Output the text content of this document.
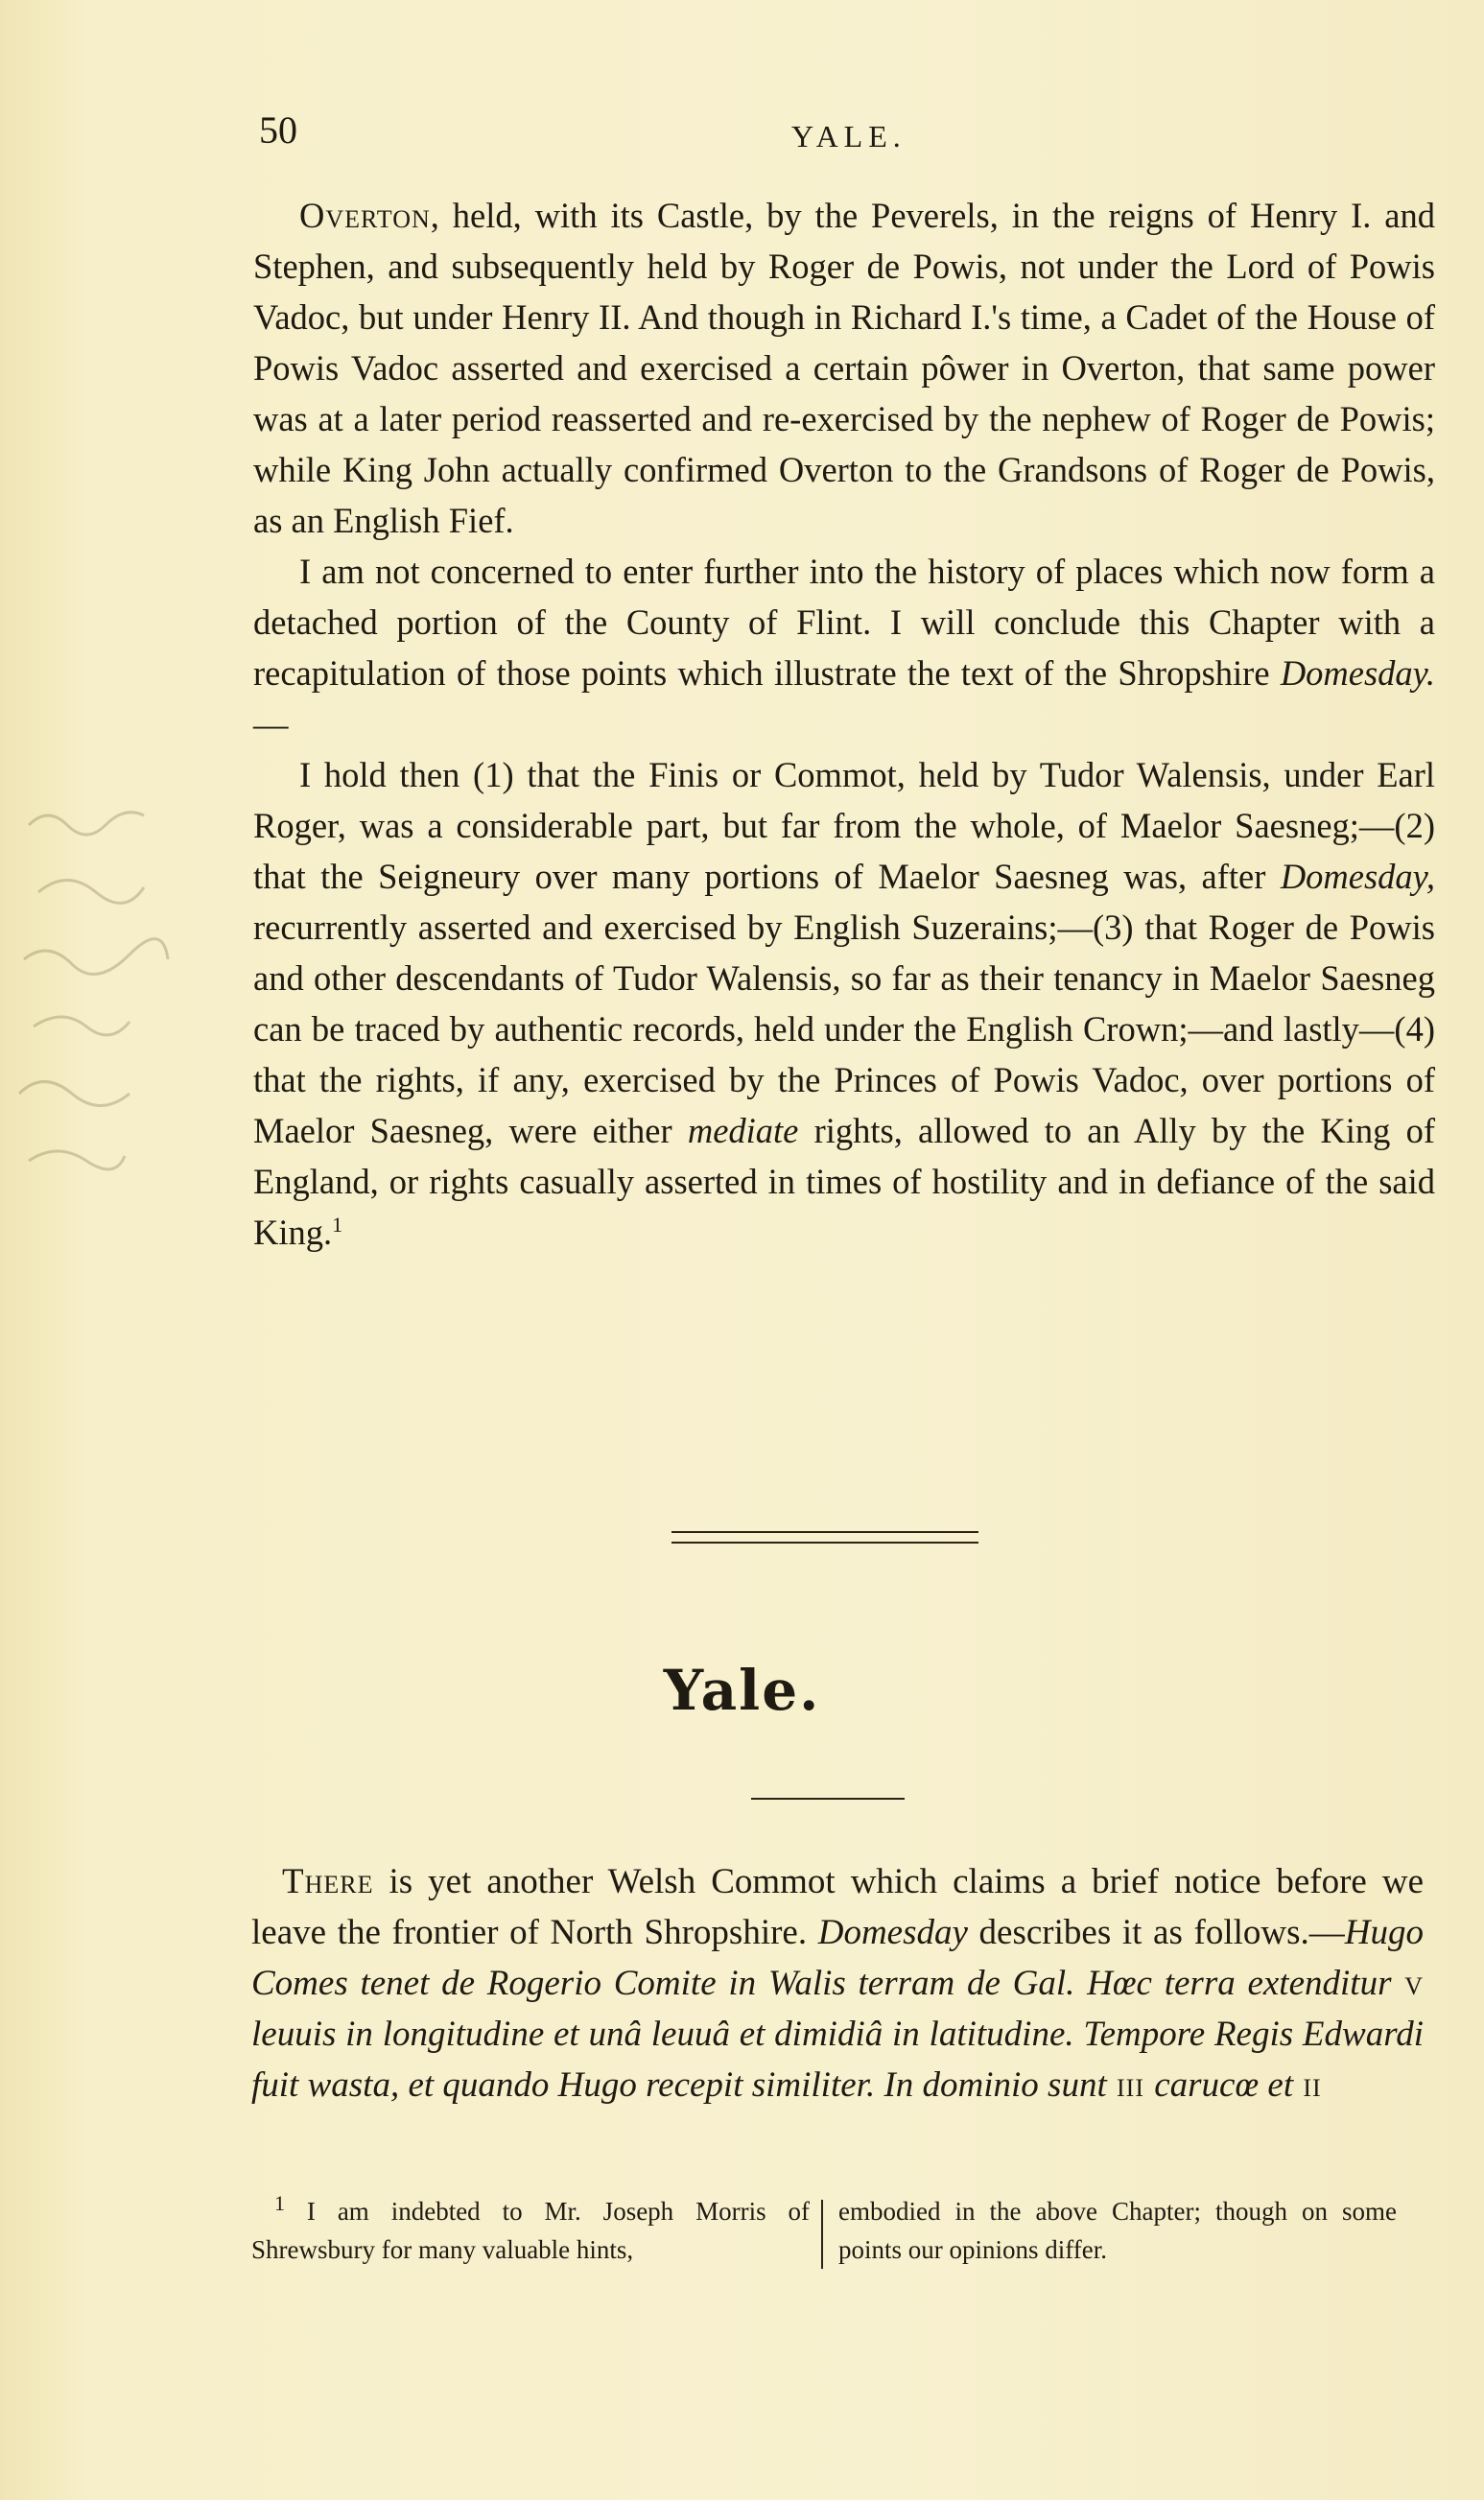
50	YALE.

Overton, held, with its Castle, by the Peverels, in the reigns of Henry I. and Stephen, and subsequently held by Roger de Powis, not under the Lord of Powis Vadoc, but under Henry II. And though in Richard I.'s time, a Cadet of the House of Powis Vadoc asserted and exercised a certain pôwer in Overton, that same power was at a later period reasserted and re-exercised by the nephew of Roger de Powis; while King John actually confirmed Overton to the Grandsons of Roger de Powis, as an English Fief.

I am not concerned to enter further into the history of places which now form a detached portion of the County of Flint. I will conclude this Chapter with a recapitulation of those points which illustrate the text of the Shropshire Domesday.—

I hold then (1) that the Finis or Commot, held by Tudor Walensis, under Earl Roger, was a considerable part, but far from the whole, of Maelor Saesneg;—(2) that the Seigneury over many portions of Maelor Saesneg was, after Domesday, recurrently asserted and exercised by English Suzerains;—(3) that Roger de Powis and other descendants of Tudor Walensis, so far as their tenancy in Maelor Saesneg can be traced by authentic records, held under the English Crown;—and lastly—(4) that the rights, if any, exercised by the Princes of Powis Vadoc, over portions of Maelor Saesneg, were either mediate rights, allowed to an Ally by the King of England, or rights casually asserted in times of hostility and in defiance of the said King.$^1$

Yale.

There is yet another Welsh Commot which claims a brief notice before we leave the frontier of North Shropshire. Domesday describes it as follows.—Hugo Comes tenet de Rogerio Comite in Walis terram de Gal. Hœc terra extenditur v leuuis in longitudine et unâ leuuâ et dimidiâ in latitudine. Tempore Regis Edwardi fuit wasta, et quando Hugo recepit similiter. In dominio sunt iii carucœ et ii

$^1$ I am indebted to Mr. Joseph Morris of Shrewsbury for many valuable hints,
embodied in the above Chapter; though on some points our opinions differ.
